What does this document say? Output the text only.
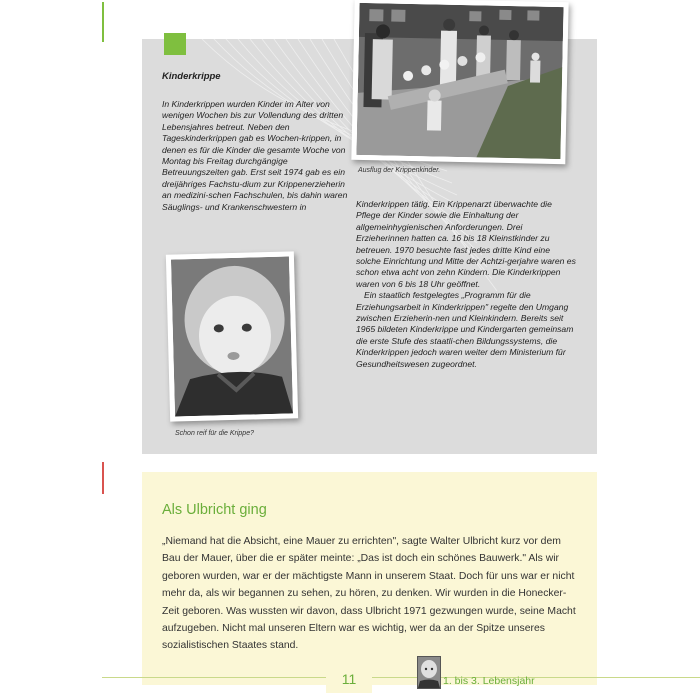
Kinderkrippe

In Kinderkrippen wurden Kinder im Alter von wenigen Wochen bis zur Vollendung des dritten Lebensjahres betreut. Neben den Tageskinderkrippen gab es Wochen-krippen, in denen es für die Kinder die gesamte Woche von Montag bis Freitag durchgängige Betreuungszeiten gab. Erst seit 1974 gab es ein dreijähriges Fachstu-dium zur Krippenerzieherin an medizini-schen Fachschulen, bis dahin waren Säuglings- und Krankenschwestern in	Kinderkrippen tätig. Ein Krippenarzt überwachte die Pflege der Kinder sowie die Einhaltung der allgemeinhygienischen Anforderungen. Drei Erzieherinnen hatten ca. 16 bis 18 Kleinstkinder zu betreuen. 1970 besuchte fast jedes dritte Kind eine solche Einrichtung und Mitte der Achtzi-gerjahre waren es schon etwa acht von zehn Kindern. Die Kinderkrippen waren von 6 bis 18 Uhr geöffnet.

Ein staatlich festgelegtes „Programm für die Erziehungsarbeit in Kinderkrippen" regelte den Umgang zwischen Erzieherin-nen und Kleinkindern. Bereits seit 1965 bildeten Kinderkrippe und Kindergarten gemeinsam die erste Stufe des staatli-chen Bildungssystems, die Kinderkrippen jedoch waren weiter dem Ministerium für Gesundheitswesen zugeordnet.

Ausflug der Krippenkinder.
Schon reif für die Krippe?
Als Ulbricht ging

„Niemand hat die Absicht, eine Mauer zu errichten", sagte Walter Ulbricht kurz vor dem Bau der Mauer, über die er später meinte: „Das ist doch ein schönes Bauwerk." Als wir geboren wurden, war er der mächtigste Mann in unserem Staat. Doch für uns war er nicht mehr da, als wir begannen zu sehen, zu hören, zu denken. Wir wurden in die Honecker-Zeit geboren. Was wussten wir davon, dass Ulbricht 1971 gezwungen wurde, seine Macht aufzugeben. Nicht mal unseren Eltern war es wichtig, wer da an der Spitze unseres sozialistischen Staates stand.

11	1. bis 3. Lebensjahr
